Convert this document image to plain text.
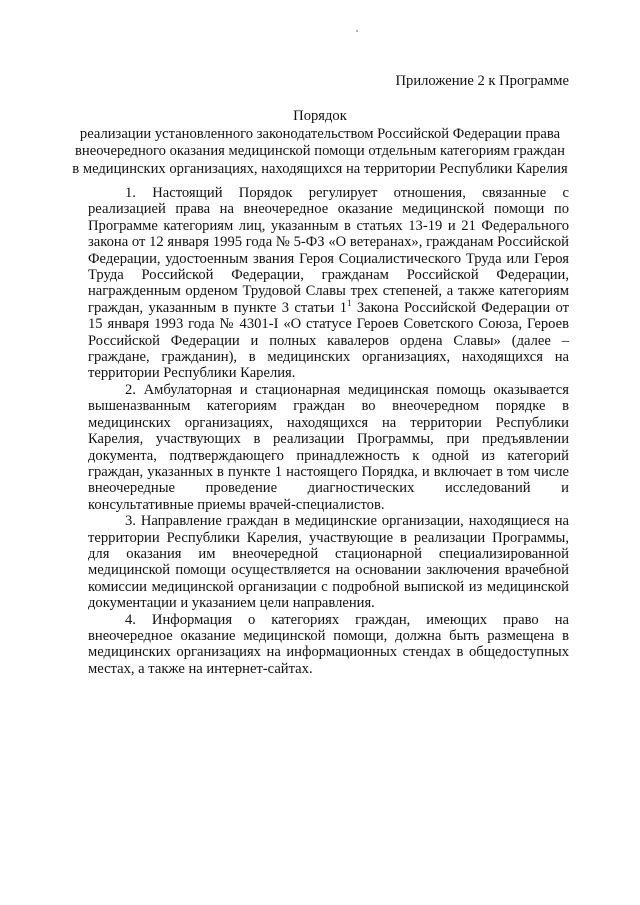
Приложение 2 к Программе

Порядок
реализации установленного законодательством Российской Федерации права
внеочередного оказания медицинской помощи отдельным категориям граждан
в медицинских организациях, находящихся на территории Республики Карелия

1. Настоящий Порядок регулирует отношения, связанные с реализацией права на внеочередное оказание медицинской помощи по Программе категориям лиц, указанным в статьях 13-19 и 21 Федерального закона от 12 января 1995 года № 5-ФЗ «О ветеранах», гражданам Российской Федерации, удостоенным звания Героя Социалистического Труда или Героя Труда Российской Федерации, гражданам Российской Федерации, награжденным орденом Трудовой Славы трех степеней, а также категориям граждан, указанным в пункте 3 статьи $1^1$ Закона Российской Федерации от 15 января 1993 года № 4301-I «О статусе Героев Советского Союза, Героев Российской Федерации и полных кавалеров ордена Славы» (далее – граждане, гражданин), в медицинских организациях, находящихся на территории Республики Карелия.

2. Амбулаторная и стационарная медицинская помощь оказывается вышеназванным категориям граждан во внеочередном порядке в медицинских организациях, находящихся на территории Республики Карелия, участвующих в реализации Программы, при предъявлении документа, подтверждающего принадлежность к одной из категорий граждан, указанных в пункте 1 настоящего Порядка, и включает в том числе внеочередные проведение диагностических исследований и консультативные приемы врачей-специалистов.

3. Направление граждан в медицинские организации, находящиеся на территории Республики Карелия, участвующие в реализации Программы, для оказания им внеочередной стационарной специализированной медицинской помощи осуществляется на основании заключения врачебной комиссии медицинской организации с подробной выпиской из медицинской документации и указанием цели направления.

4. Информация о категориях граждан, имеющих право на внеочередное оказание медицинской помощи, должна быть размещена в медицинских организациях на информационных стендах в общедоступных местах, а также на интернет-сайтах.
